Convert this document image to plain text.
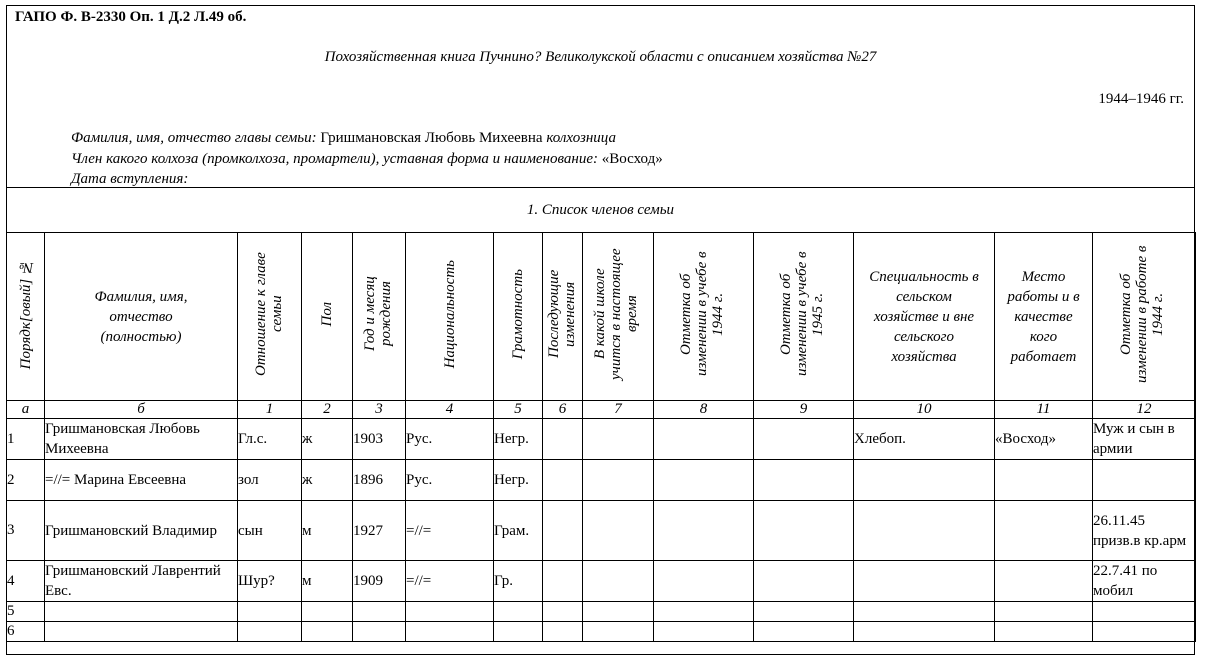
ГАПО Ф. В-2330 Оп. 1 Д.2 Л.49 об.
Похозяйственная книга Пучнино? Великолукской области с описанием хозяйства №27
1944–1946 гг.
Фамилия, имя, отчество главы семьи: Гришмановская Любовь Михеевна колхозница
Член какого колхоза (промколхоза, промартели), уставная форма и наименование: «Восход»
Дата вступления:
1. Список членов семьи
Порядк[овый] №	Фамилия, имя, отчество (полностью)	Отношение к главе семьи	Пол	Год и месяц рождения	Национальность	Грамотность	Последующие изменения	В какой школе учится в настоящее время	Отметка об изменении в учебе в 1944 г.	Отметка об изменении в учебе в 1945 г.	Специальность в сельском хозяйстве и вне сельского хозяйства	Место работы и в качестве кого работает	Отметка об изменении в работе в 1944 г.
а	б	1	2	3	4	5	6	7	8	9	10	11	12
1	Гришмановская Любовь Михеевна	Гл.с.	ж	1903	Рус.	Негр.					Хлебоп.	«Восход»	Муж и сын в армии
2	=//= Марина Евсеевна	зол	ж	1896	Рус.	Негр.							
3	Гришмановский Владимир	сын	м	1927	=//=	Грам.							26.11.45 призв.в кр.арм
4	Гришмановский Лаврентий Евс.	Шур?	м	1909	=//=	Гр.							22.7.41 по мобил
5													
6													
